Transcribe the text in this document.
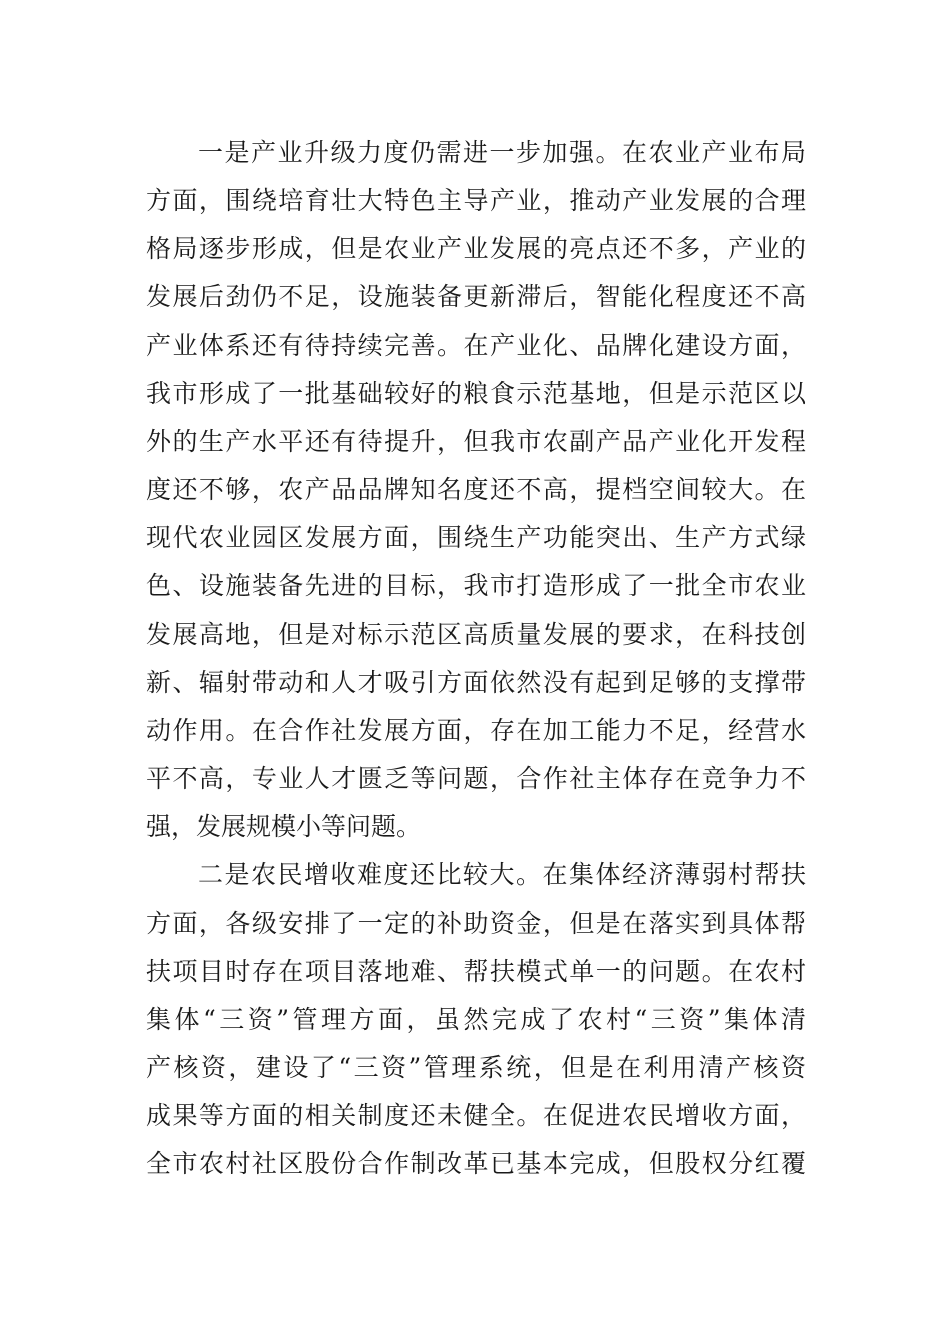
一是产业升级力度仍需进一步加强。在农业产业布局
方面，围绕培育壮大特色主导产业，推动产业发展的合理
格局逐步形成，但是农业产业发展的亮点还不多，产业的
发展后劲仍不足，设施装备更新滞后，智能化程度还不高
产业体系还有待持续完善。在产业化、品牌化建设方面，
我市形成了一批基础较好的粮食示范基地，但是示范区以
外的生产水平还有待提升，但我市农副产品产业化开发程
度还不够，农产品品牌知名度还不高，提档空间较大。在
现代农业园区发展方面，围绕生产功能突出、生产方式绿
色、设施装备先进的目标，我市打造形成了一批全市农业
发展高地，但是对标示范区高质量发展的要求，在科技创
新、辐射带动和人才吸引方面依然没有起到足够的支撑带
动作用。在合作社发展方面，存在加工能力不足，经营水
平不高，专业人才匮乏等问题，合作社主体存在竞争力不
强，发展规模小等问题。
二是农民增收难度还比较大。在集体经济薄弱村帮扶
方面，各级安排了一定的补助资金，但是在落实到具体帮
扶项目时存在项目落地难、帮扶模式单一的问题。在农村
集体“三资”管理方面，虽然完成了农村“三资”集体清
产核资，建设了“三资”管理系统，但是在利用清产核资
成果等方面的相关制度还未健全。在促进农民增收方面，
全市农村社区股份合作制改革已基本完成，但股权分红覆
